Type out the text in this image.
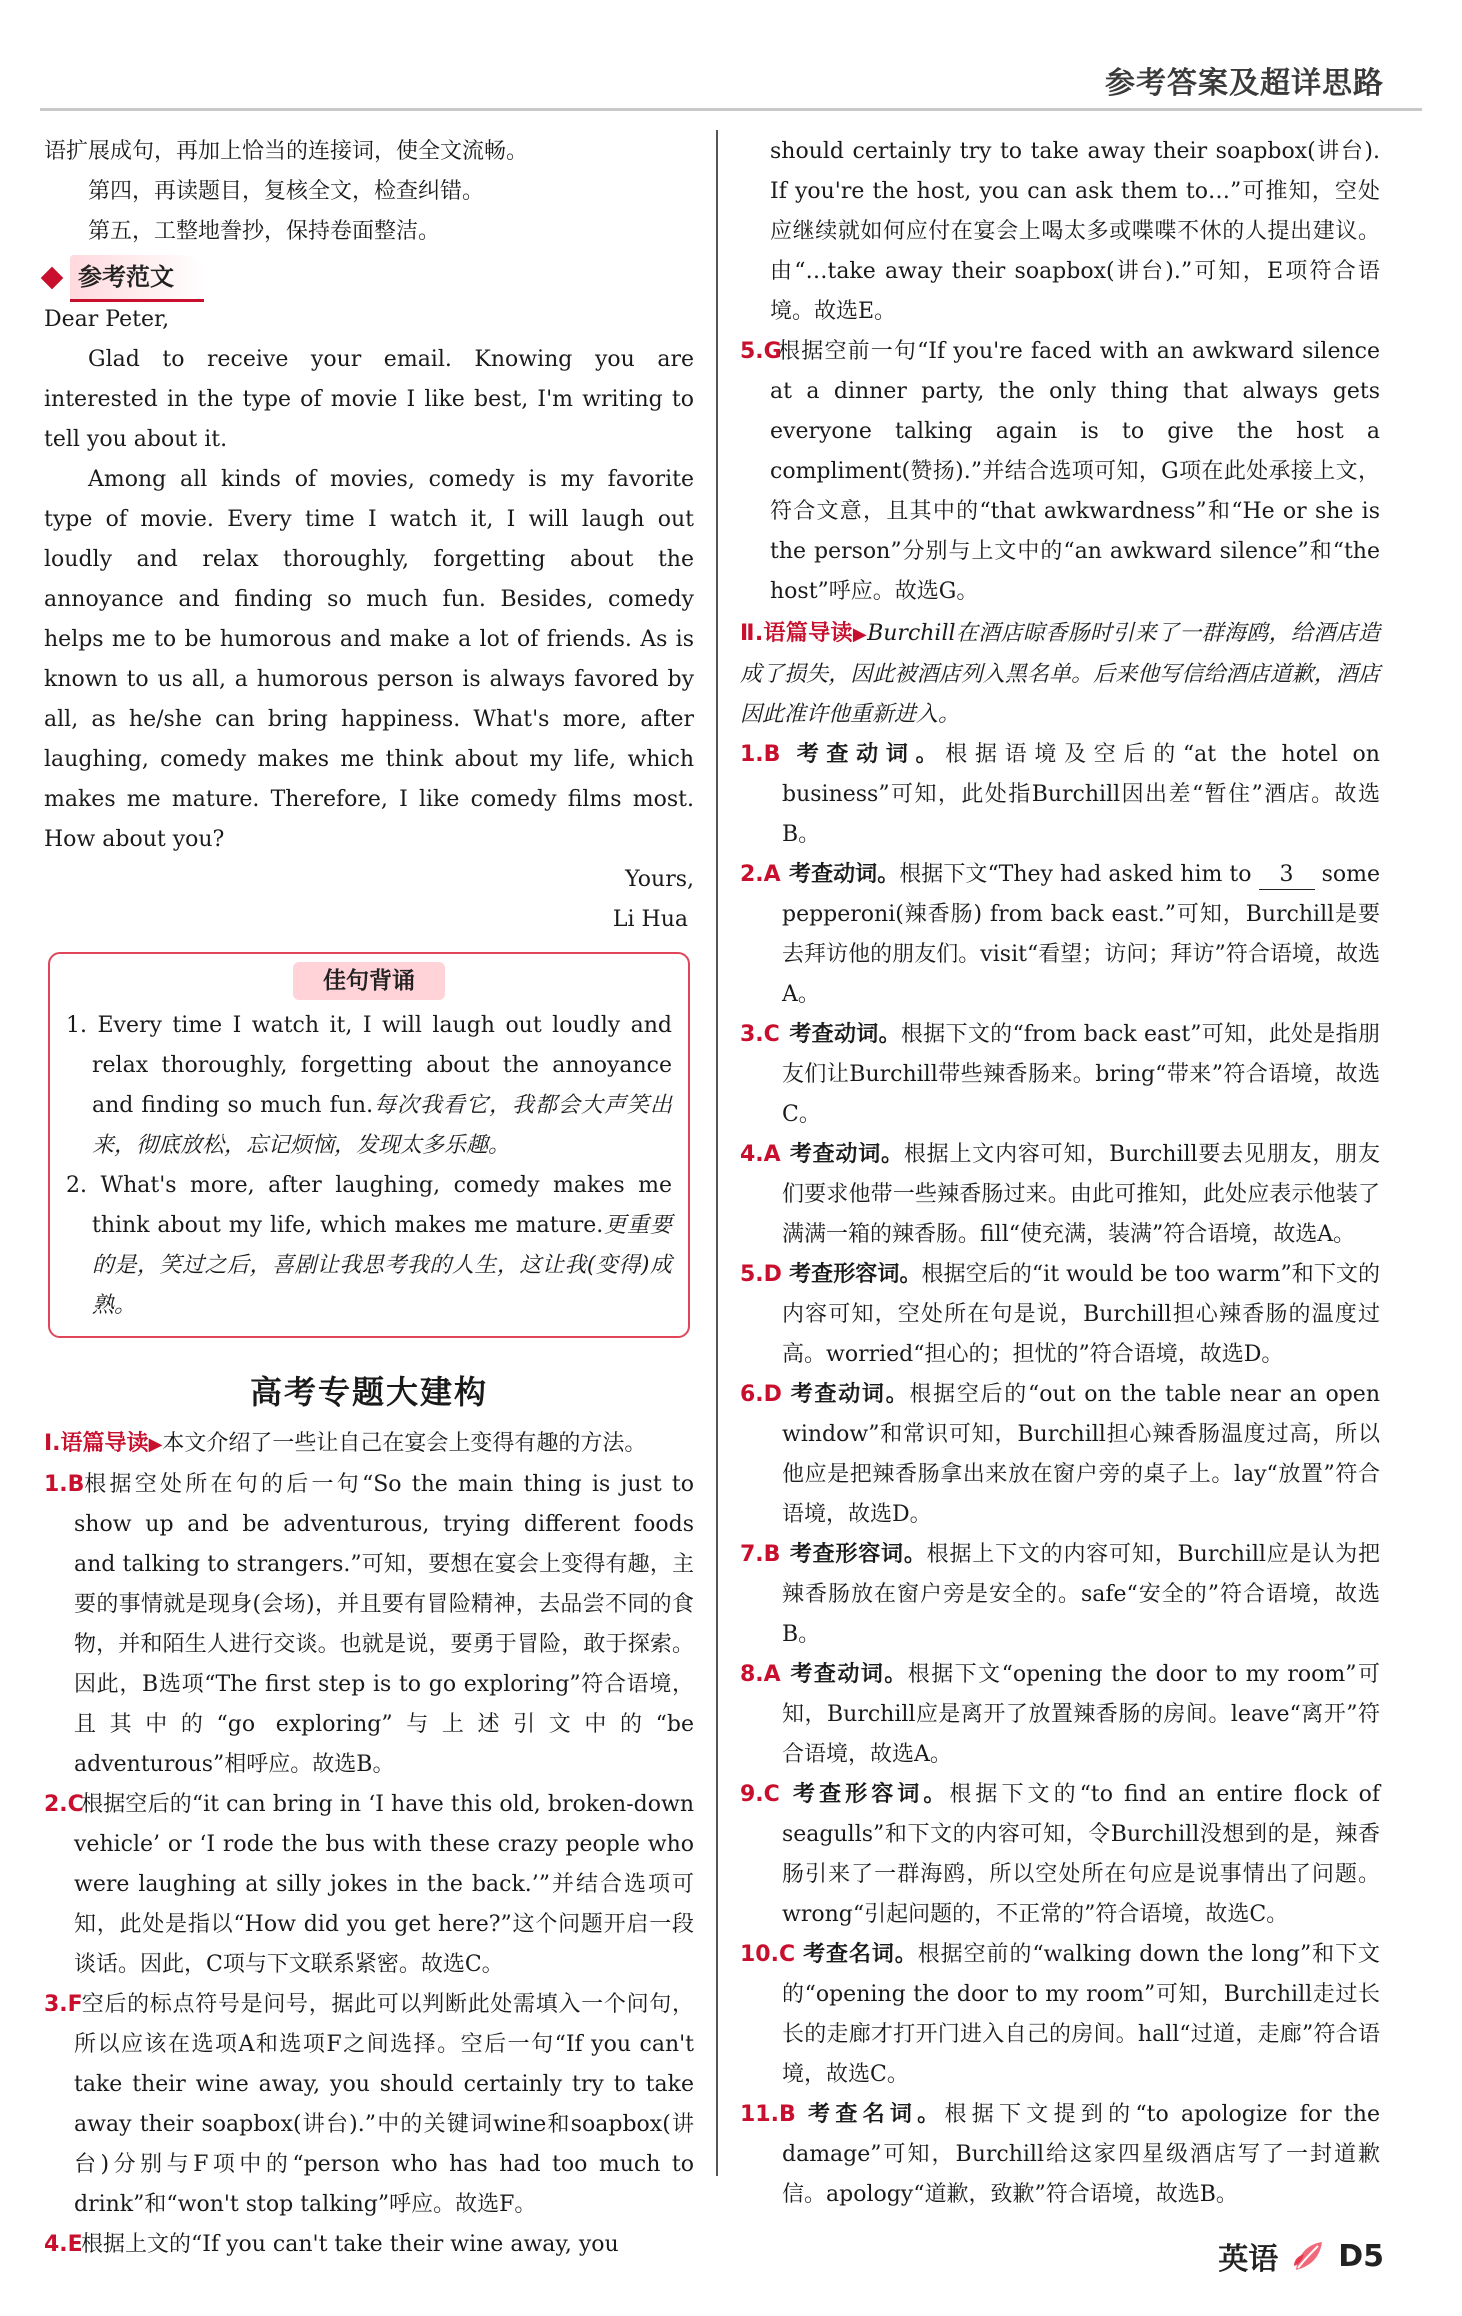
参考答案及超详思路

语扩展成句，再加上恰当的连接词，使全文流畅。

第四，再读题目，复核全文，检查纠错。

第五，工整地誊抄，保持卷面整洁。

参考范文

Dear Peter,

Glad to receive your email. Knowing you are interested in the type of movie I like best, I'm writing to tell you about it.

Among all kinds of movies, comedy is my favorite type of movie. Every time I watch it, I will laugh out loudly and relax thoroughly, forgetting about the annoyance and finding so much fun. Besides, comedy helps me to be humorous and make a lot of friends. As is known to us all, a humorous person is always favored by all, as he/she can bring happiness. What's more, after laughing, comedy makes me think about my life, which makes me mature. Therefore, I like comedy films most. How about you?

Yours,

Li Hua

佳句背诵

1. Every time I watch it, I will laugh out loudly and relax thoroughly, forgetting about the annoyance and finding so much fun.每次我看它，我都会大声笑出来，彻底放松，忘记烦恼，发现太多乐趣。

2. What's more, after laughing, comedy makes me think about my life, which makes me mature.更重要的是，笑过之后，喜剧让我思考我的人生，这让我(变得)成熟。

高考专题大建构

Ⅰ.语篇导读▶本文介绍了一些让自己在宴会上变得有趣的方法。

1.B 根据空处所在句的后一句“So the main thing is just to show up and be adventurous, trying different foods and talking to strangers.”可知，要想在宴会上变得有趣，主要的事情就是现身(会场)，并且要有冒险精神，去品尝不同的食物，并和陌生人进行交谈。也就是说，要勇于冒险，敢于探索。因此，B选项“The first step is to go exploring”符合语境，且其中的“go exploring”与上述引文中的“be adventurous”相呼应。故选B。

2.C 根据空后的“it can bring in ‘I have this old, broken-down vehicle’ or ‘I rode the bus with these crazy people who were laughing at silly jokes in the back.’”并结合选项可知，此处是指以“How did you get here?”这个问题开启一段谈话。因此，C项与下文联系紧密。故选C。

3.F 空后的标点符号是问号，据此可以判断此处需填入一个问句，所以应该在选项A和选项F之间选择。空后一句“If you can't take their wine away, you should certainly try to take away their soapbox(讲台).”中的关键词wine和soapbox(讲台)分别与F项中的“person who has had too much to drink”和“won't stop talking”呼应。故选F。

4.E 根据上文的“If you can't take their wine away, you

should certainly try to take away their soapbox(讲台). If you're the host, you can ask them to…”可推知，空处应继续就如何应付在宴会上喝太多或喋喋不休的人提出建议。由“…take away their soapbox(讲台).”可知，E项符合语境。故选E。

5.G 根据空前一句“If you're faced with an awkward silence at a dinner party, the only thing that always gets everyone talking again is to give the host a compliment(赞扬).”并结合选项可知，G项在此处承接上文，符合文意，且其中的“that awkwardness”和“He or she is the person”分别与上文中的“an awkward silence”和“the host”呼应。故选G。

Ⅱ.语篇导读▶Burchill在酒店晾香肠时引来了一群海鸥，给酒店造成了损失，因此被酒店列入黑名单。后来他写信给酒店道歉，酒店因此准许他重新进入。

1.B 考查动词。根据语境及空后的“at the hotel on business”可知，此处指Burchill因出差“暂住”酒店。故选B。

2.A 考查动词。根据下文“They had asked him to 3 some pepperoni(辣香肠) from back east.”可知，Burchill是要去拜访他的朋友们。visit“看望；访问；拜访”符合语境，故选A。

3.C 考查动词。根据下文的“from back east”可知，此处是指朋友们让Burchill带些辣香肠来。bring“带来”符合语境，故选C。

4.A 考查动词。根据上文内容可知，Burchill要去见朋友，朋友们要求他带一些辣香肠过来。由此可推知，此处应表示他装了满满一箱的辣香肠。fill“使充满，装满”符合语境，故选A。

5.D 考查形容词。根据空后的“it would be too warm”和下文的内容可知，空处所在句是说，Burchill担心辣香肠的温度过高。worried“担心的；担忧的”符合语境，故选D。

6.D 考查动词。根据空后的“out on the table near an open window”和常识可知，Burchill担心辣香肠温度过高，所以他应是把辣香肠拿出来放在窗户旁的桌子上。lay“放置”符合语境，故选D。

7.B 考查形容词。根据上下文的内容可知，Burchill应是认为把辣香肠放在窗户旁是安全的。safe“安全的”符合语境，故选B。

8.A 考查动词。根据下文“opening the door to my room”可知，Burchill应是离开了放置辣香肠的房间。leave“离开”符合语境，故选A。

9.C 考查形容词。根据下文的“to find an entire flock of seagulls”和下文的内容可知，令Burchill没想到的是，辣香肠引来了一群海鸥，所以空处所在句应是说事情出了问题。wrong“引起问题的，不正常的”符合语境，故选C。

10.C 考查名词。根据空前的“walking down the long”和下文的“opening the door to my room”可知，Burchill走过长长的走廊才打开门进入自己的房间。hall“过道，走廊”符合语境，故选C。

11.B 考查名词。根据下文提到的“to apologize for the damage”可知，Burchill给这家四星级酒店写了一封道歉信。apology“道歉，致歉”符合语境，故选B。

英语 D5
